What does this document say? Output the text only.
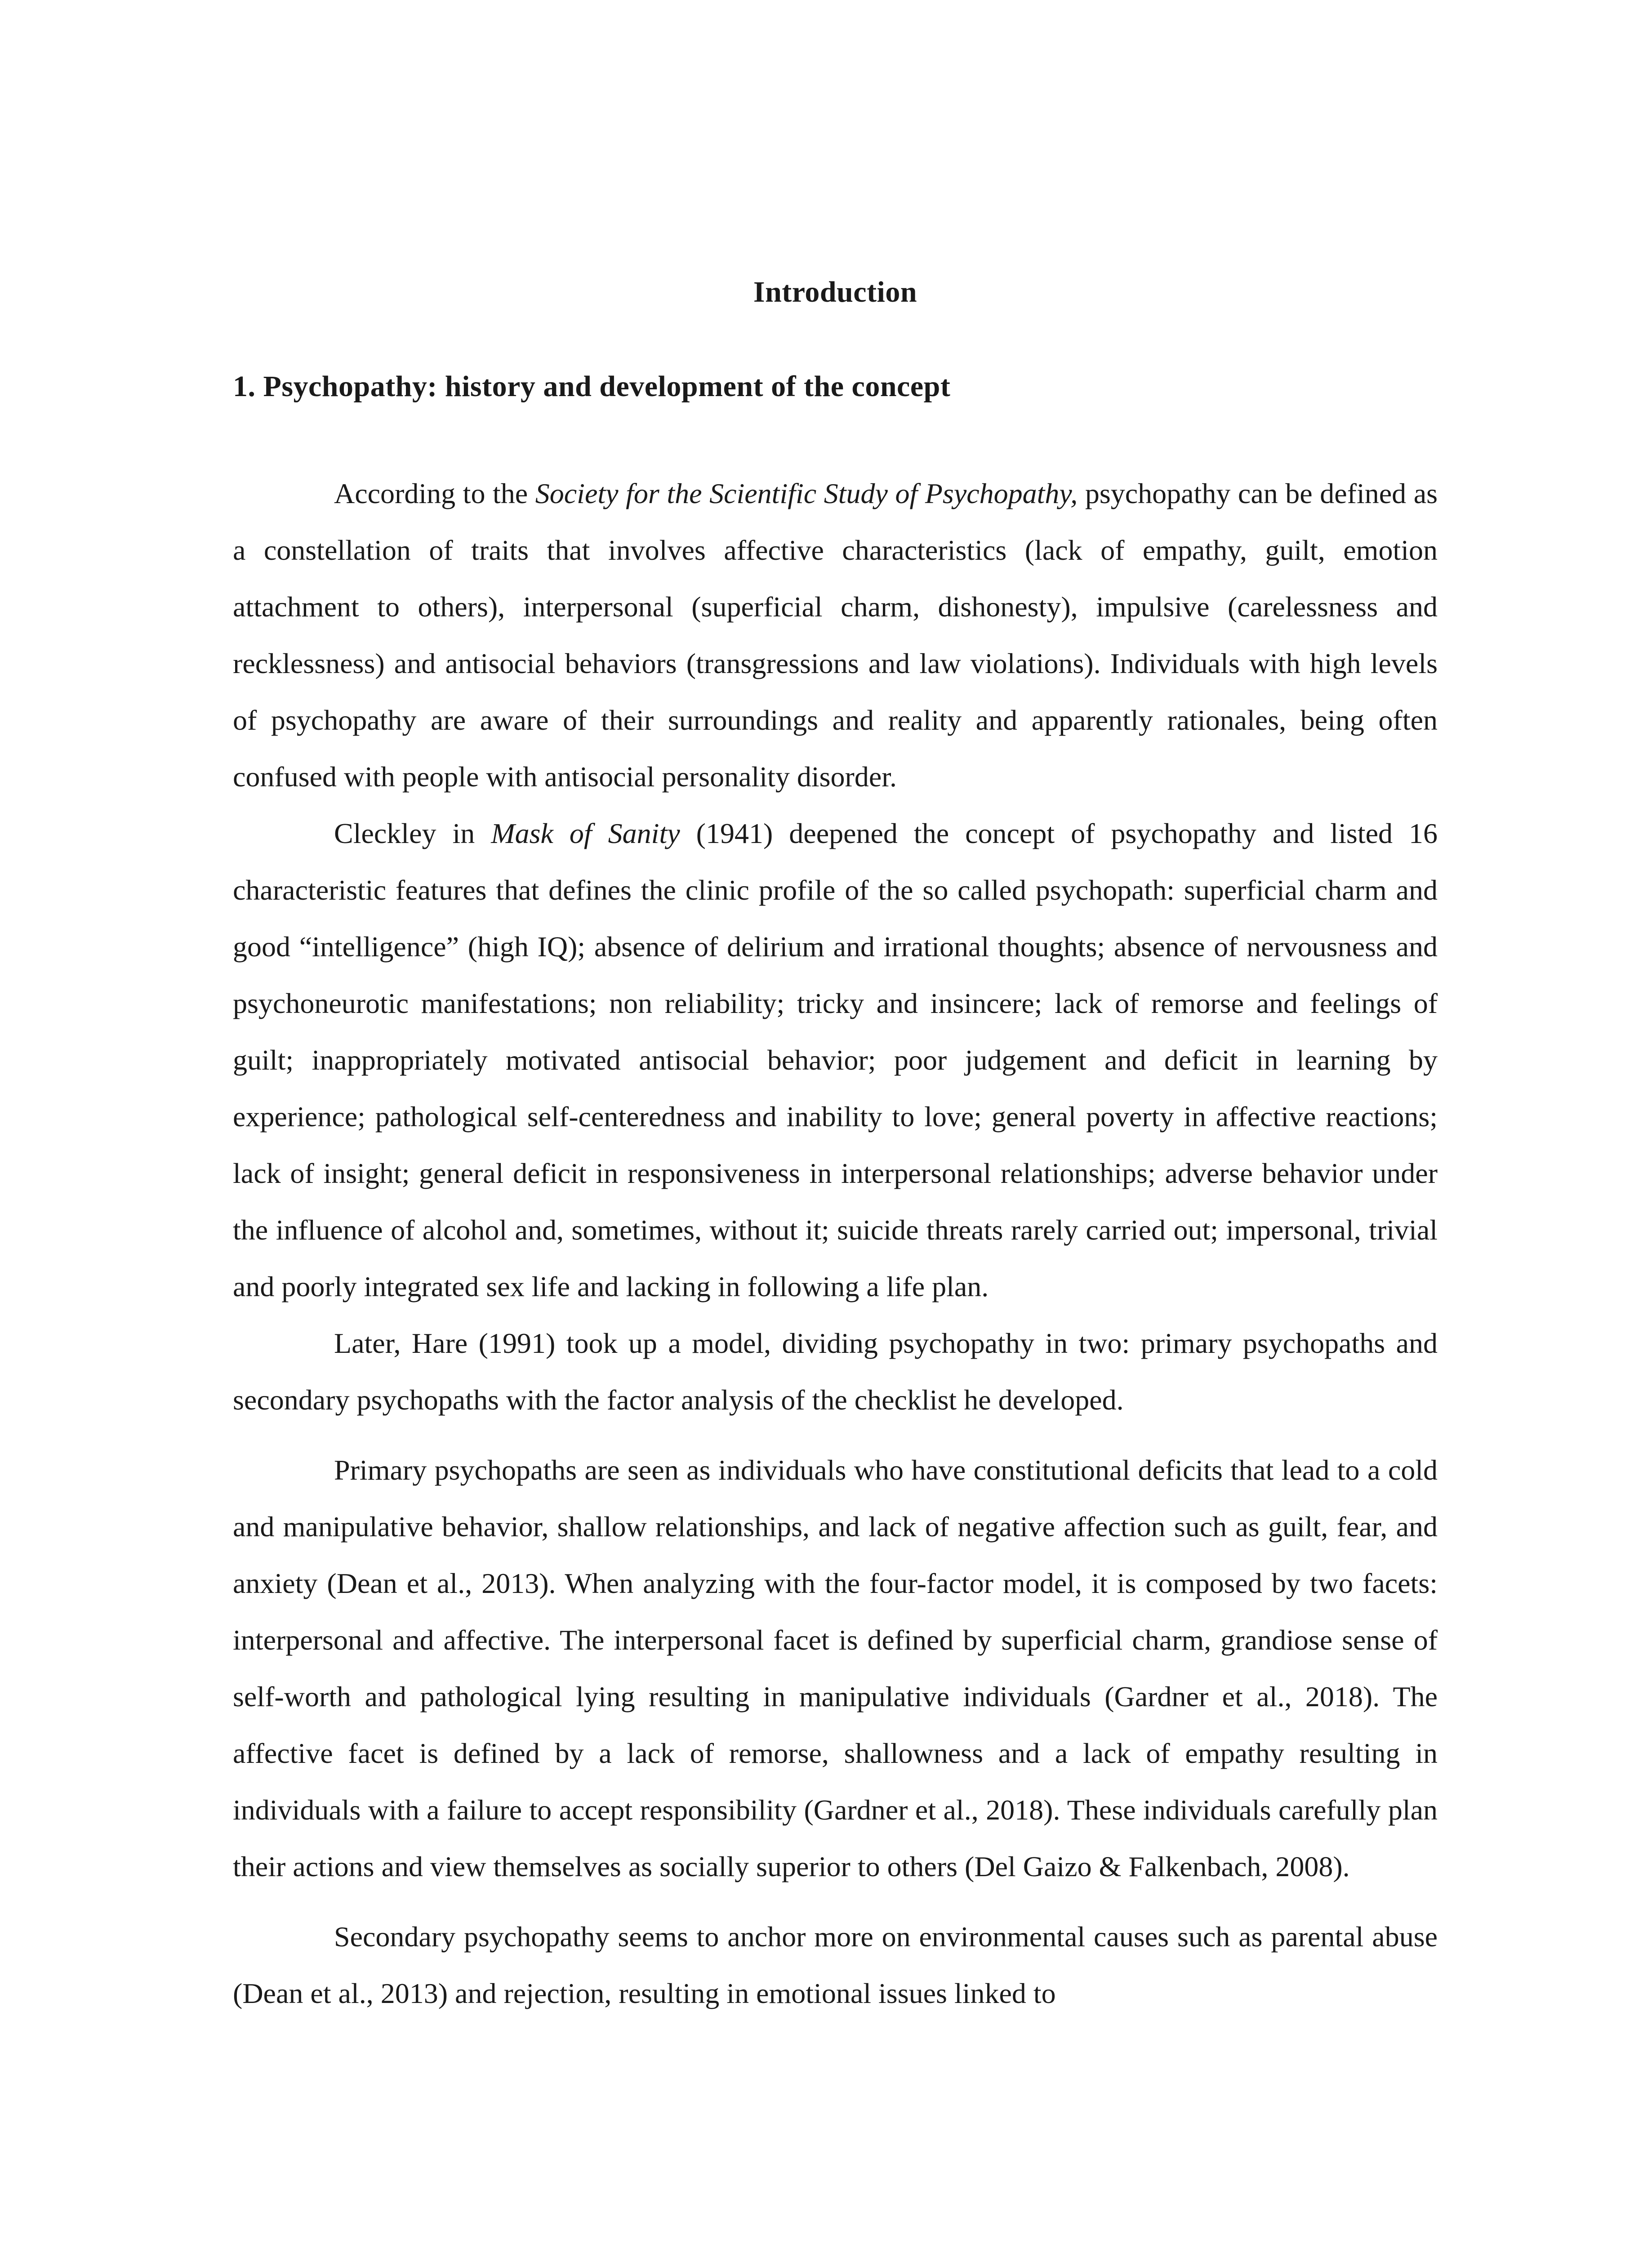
Introduction
1. Psychopathy: history and development of the concept

According to the Society for the Scientific Study of Psychopathy, psychopathy can be defined as a constellation of traits that involves affective characteristics (lack of empathy, guilt, emotion attachment to others), interpersonal (superficial charm, dishonesty), impulsive (carelessness and recklessness) and antisocial behaviors (transgressions and law violations). Individuals with high levels of psychopathy are aware of their surroundings and reality and apparently rationales, being often confused with people with antisocial personality disorder.

Cleckley in Mask of Sanity (1941) deepened the concept of psychopathy and listed 16 characteristic features that defines the clinic profile of the so called psychopath: superficial charm and good “intelligence” (high IQ); absence of delirium and irrational thoughts; absence of nervousness and psychoneurotic manifestations; non reliability; tricky and insincere; lack of remorse and feelings of guilt; inappropriately motivated antisocial behavior; poor judgement and deficit in learning by experience; pathological self-centeredness and inability to love; general poverty in affective reactions; lack of insight; general deficit in responsiveness in interpersonal relationships; adverse behavior under the influence of alcohol and, sometimes, without it; suicide threats rarely carried out; impersonal, trivial and poorly integrated sex life and lacking in following a life plan.

Later, Hare (1991) took up a model, dividing psychopathy in two: primary psychopaths and secondary psychopaths with the factor analysis of the checklist he developed.

Primary psychopaths are seen as individuals who have constitutional deficits that lead to a cold and manipulative behavior, shallow relationships, and lack of negative affection such as guilt, fear, and anxiety (Dean et al., 2013). When analyzing with the four-factor model, it is composed by two facets: interpersonal and affective. The interpersonal facet is defined by superficial charm, grandiose sense of self-worth and pathological lying resulting in manipulative individuals (Gardner et al., 2018). The affective facet is defined by a lack of remorse, shallowness and a lack of empathy resulting in individuals with a failure to accept responsibility (Gardner et al., 2018). These individuals carefully plan their actions and view themselves as socially superior to others (Del Gaizo & Falkenbach, 2008).

Secondary psychopathy seems to anchor more on environmental causes such as parental abuse (Dean et al., 2013) and rejection, resulting in emotional issues linked to
